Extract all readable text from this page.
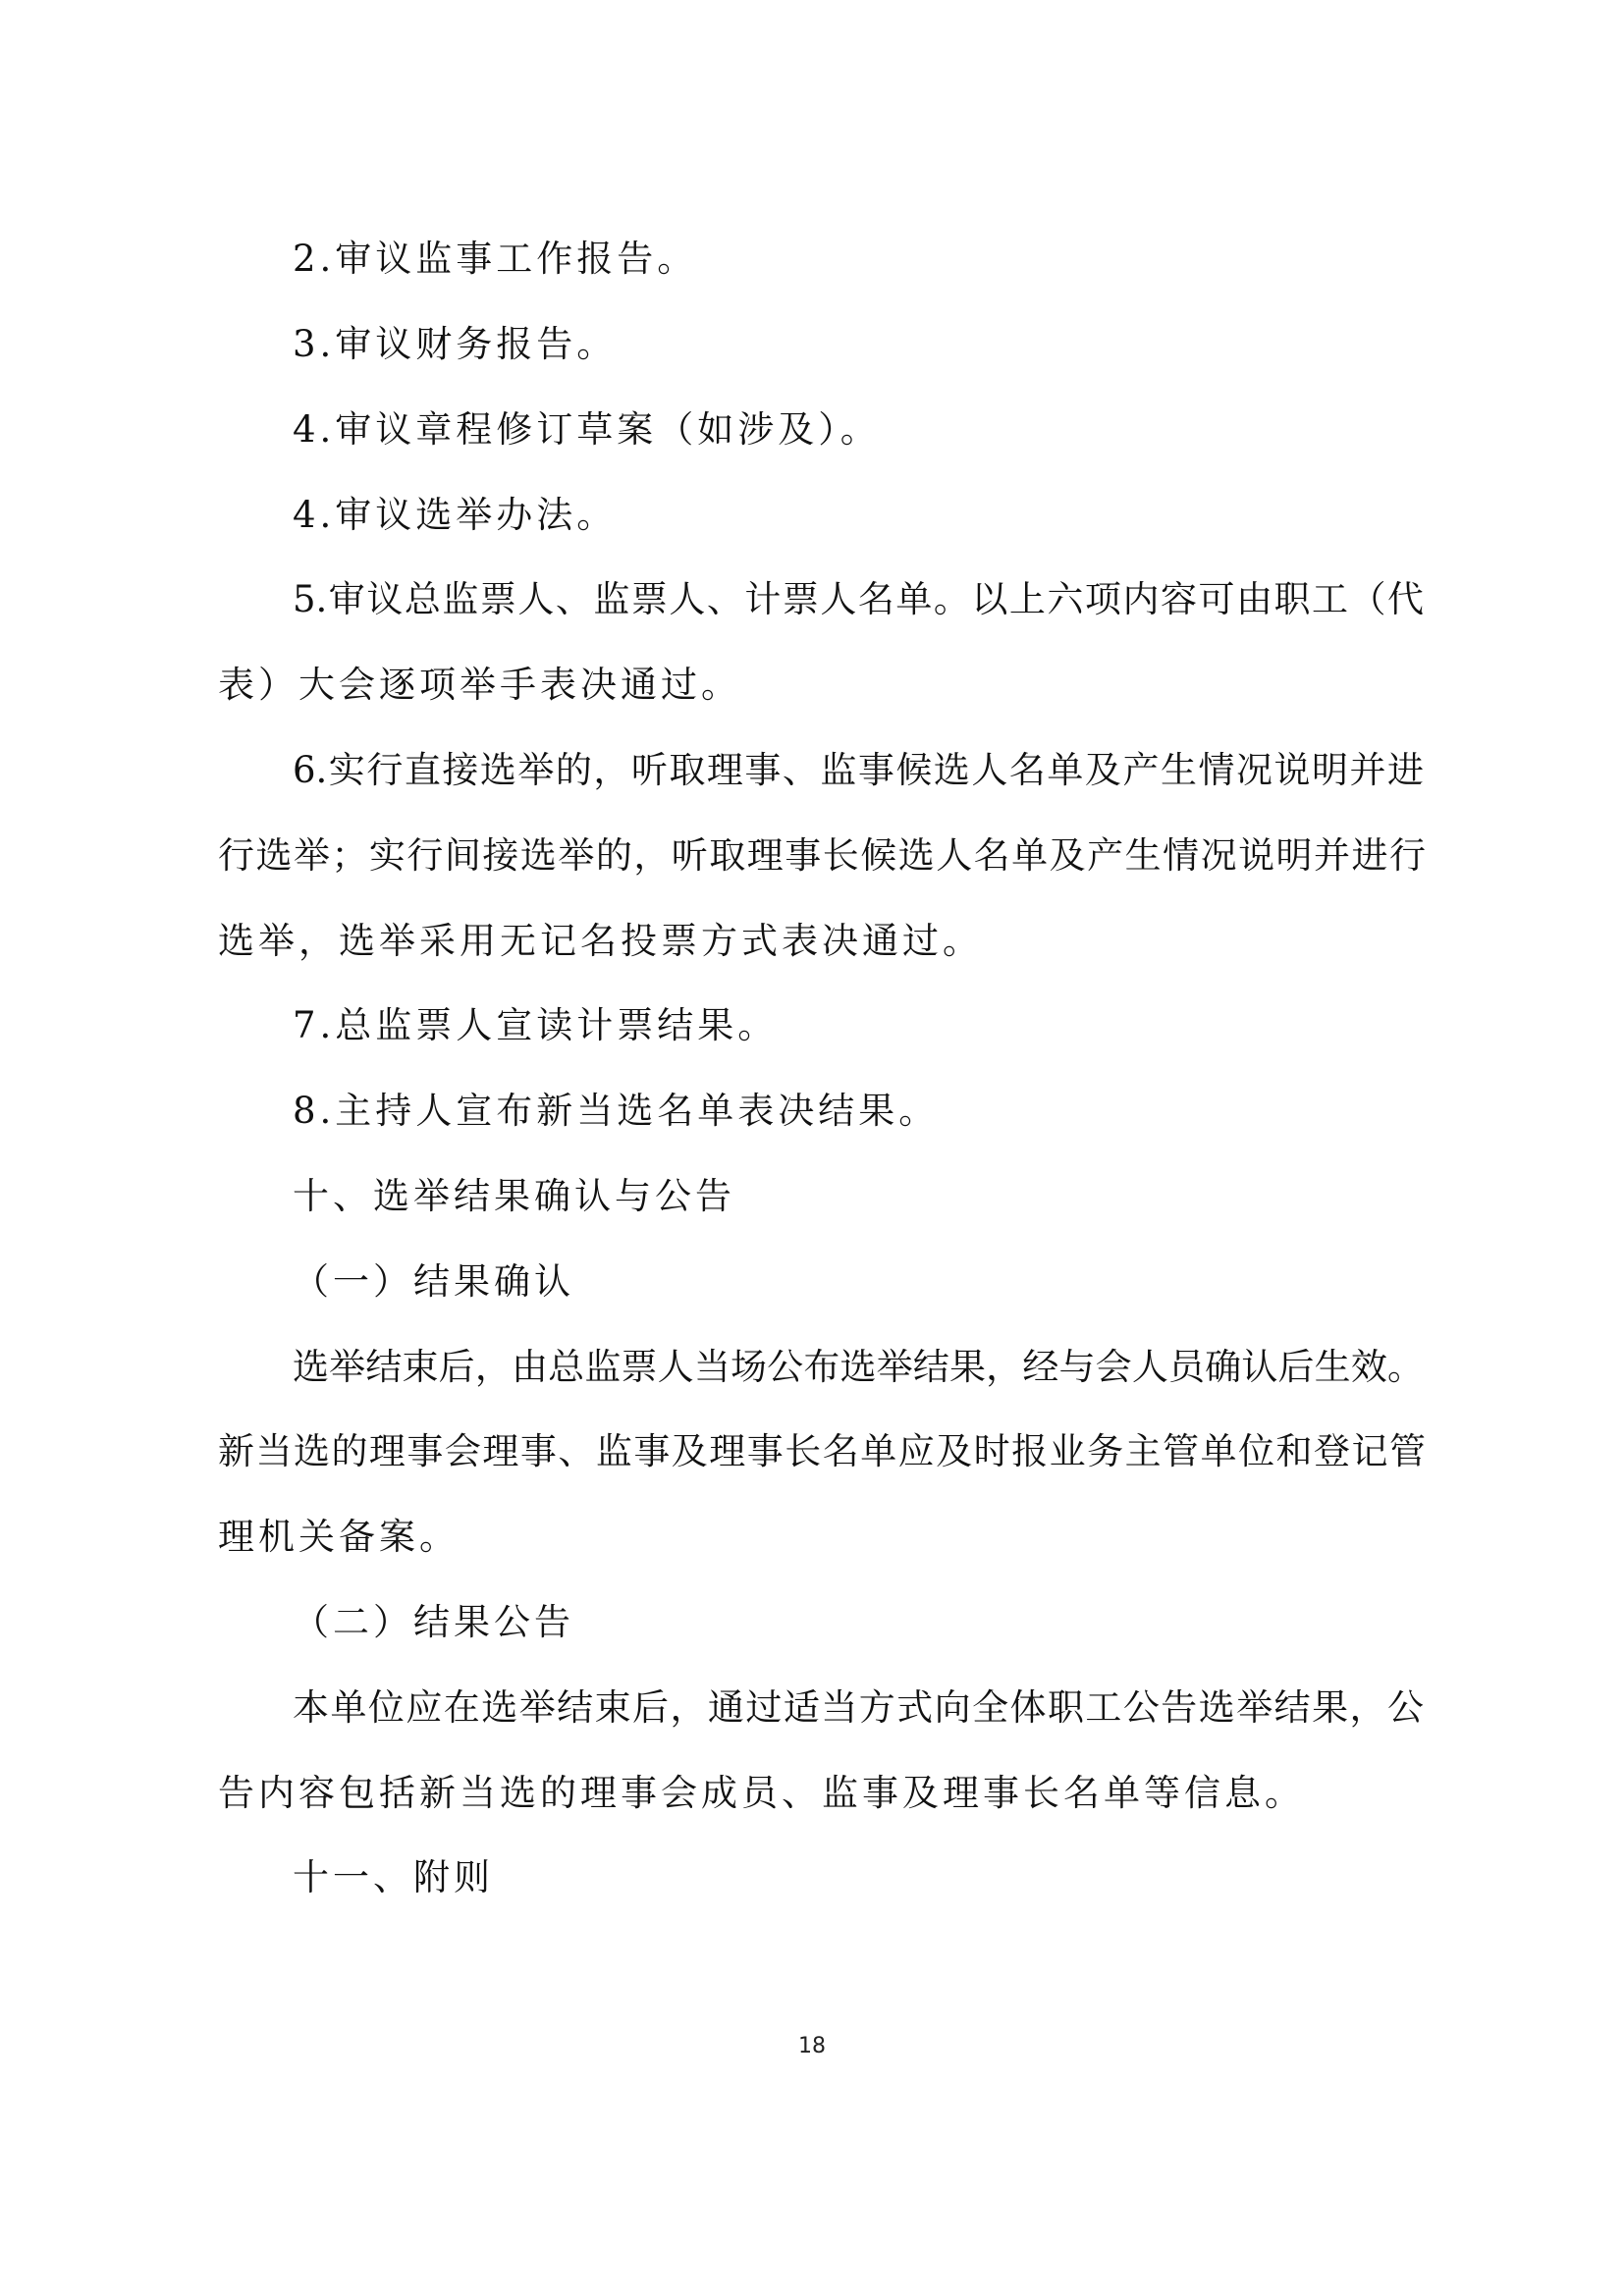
2.审议监事工作报告。
3.审议财务报告。
4.审议章程修订草案（如涉及）。
4.审议选举办法。
5.审议总监票人、监票人、计票人名单。以上六项内容可由职工（代
表）大会逐项举手表决通过。
6.实行直接选举的，听取理事、监事候选人名单及产生情况说明并进
行选举；实行间接选举的，听取理事长候选人名单及产生情况说明并进行
选举，选举采用无记名投票方式表决通过。
7.总监票人宣读计票结果。
8.主持人宣布新当选名单表决结果。
十、选举结果确认与公告
（一）结果确认
选举结束后，由总监票人当场公布选举结果，经与会人员确认后生效。
新当选的理事会理事、监事及理事长名单应及时报业务主管单位和登记管
理机关备案。
（二）结果公告
本单位应在选举结束后，通过适当方式向全体职工公告选举结果，公
告内容包括新当选的理事会成员、监事及理事长名单等信息。
十一、附则
18
